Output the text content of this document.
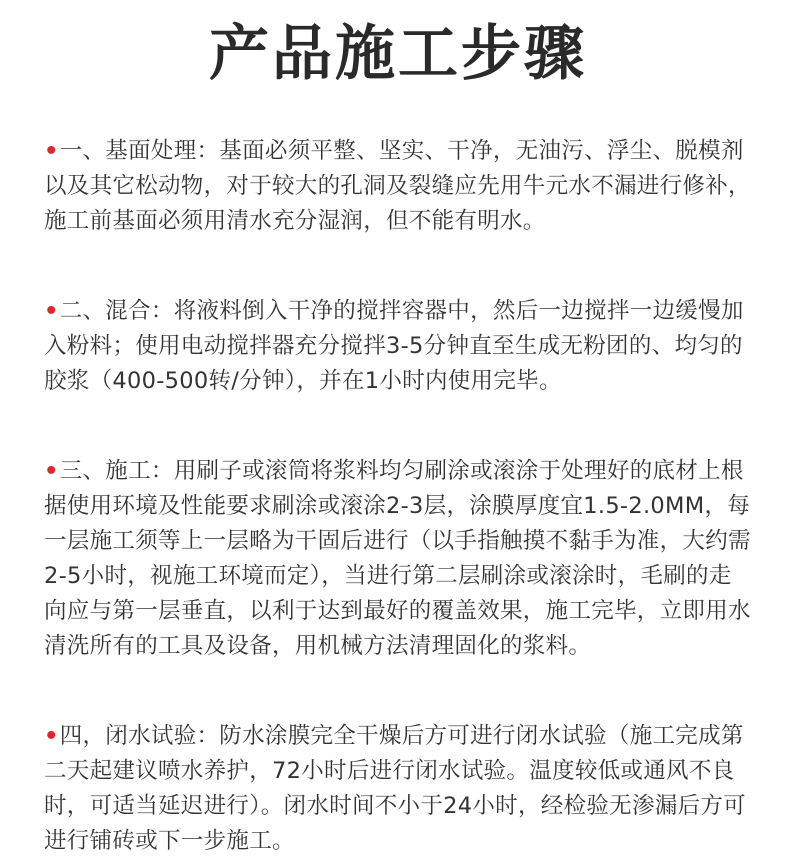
产品施工步骤

•一、基面处理：基面必须平整、坚实、干净，无油污、浮尘、脱模剂以及其它松动物，对于较大的孔洞及裂缝应先用牛元水不漏进行修补，施工前基面必须用清水充分湿润，但不能有明水。

•二、混合：将液料倒入干净的搅拌容器中，然后一边搅拌一边缓慢加入粉料；使用电动搅拌器充分搅拌3-5分钟直至生成无粉团的、均匀的胶浆（400-500转/分钟），并在1小时内使用完毕。

•三、施工：用刷子或滚筒将浆料均匀刷涂或滚涂于处理好的底材上根据使用环境及性能要求刷涂或滚涂2-3层，涂膜厚度宜1.5-2.0MM，每一层施工须等上一层略为干固后进行（以手指触摸不黏手为准，大约需2-5小时，视施工环境而定），当进行第二层刷涂或滚涂时，毛刷的走向应与第一层垂直，以利于达到最好的覆盖效果，施工完毕，立即用水清洗所有的工具及设备，用机械方法清理固化的浆料。

•四，闭水试验：防水涂膜完全干燥后方可进行闭水试验（施工完成第二天起建议喷水养护，72小时后进行闭水试验。温度较低或通风不良时，可适当延迟进行）。闭水时间不小于24小时，经检验无渗漏后方可进行铺砖或下一步施工。
